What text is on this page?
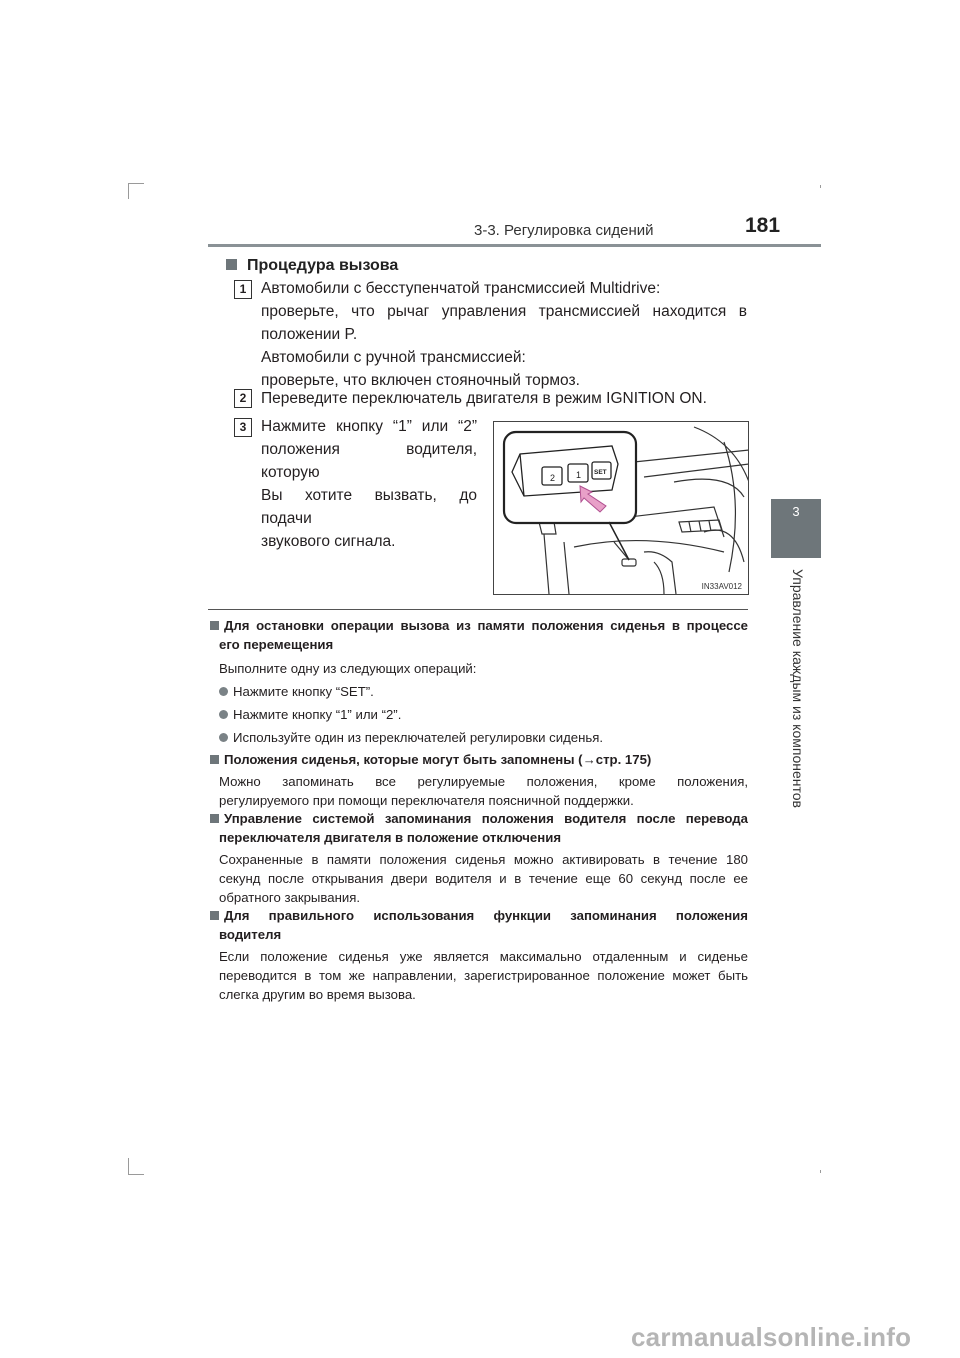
3-3. Регулировка сидений	181
3
Управление каждым из компонентов
Процедура вызова
1 Автомобили с бесступенчатой трансмиссией Multidrive:
проверьте, что рычаг управления трансмиссией находится в
положении P.
Автомобили с ручной трансмиссией:
проверьте, что включен стояночный тормоз.
2 Переведите переключатель двигателя в режим IGNITION ON.
3 Нажмите кнопку “1” или “2”
положения водителя, которую
Вы хотите вызвать, до подачи
звукового сигнала.
2 1 SET
IN33AV012
Для остановки операции вызова из памяти положения сиденья в процессе
его перемещения
Выполните одну из следующих операций:
Нажмите кнопку “SET”.
Нажмите кнопку “1” или “2”.
Используйте один из переключателей регулировки сиденья.
Положения сиденья, которые могут быть запомнены (→стр. 175)
Можно запоминать все регулируемые положения, кроме положения,
регулируемого при помощи переключателя поясничной поддержки.
Управление системой запоминания положения водителя после перевода
переключателя двигателя в положение отключения
Сохраненные в памяти положения сиденья можно активировать в течение 180
секунд после открывания двери водителя и в течение еще 60 секунд после ее
обратного закрывания.
Для правильного использования функции запоминания положения
водителя
Если положение сиденья уже является максимально отдаленным и сиденье
переводится в том же направлении, зарегистрированное положение может быть
слегка другим во время вызова.
carmanualsonline.info
